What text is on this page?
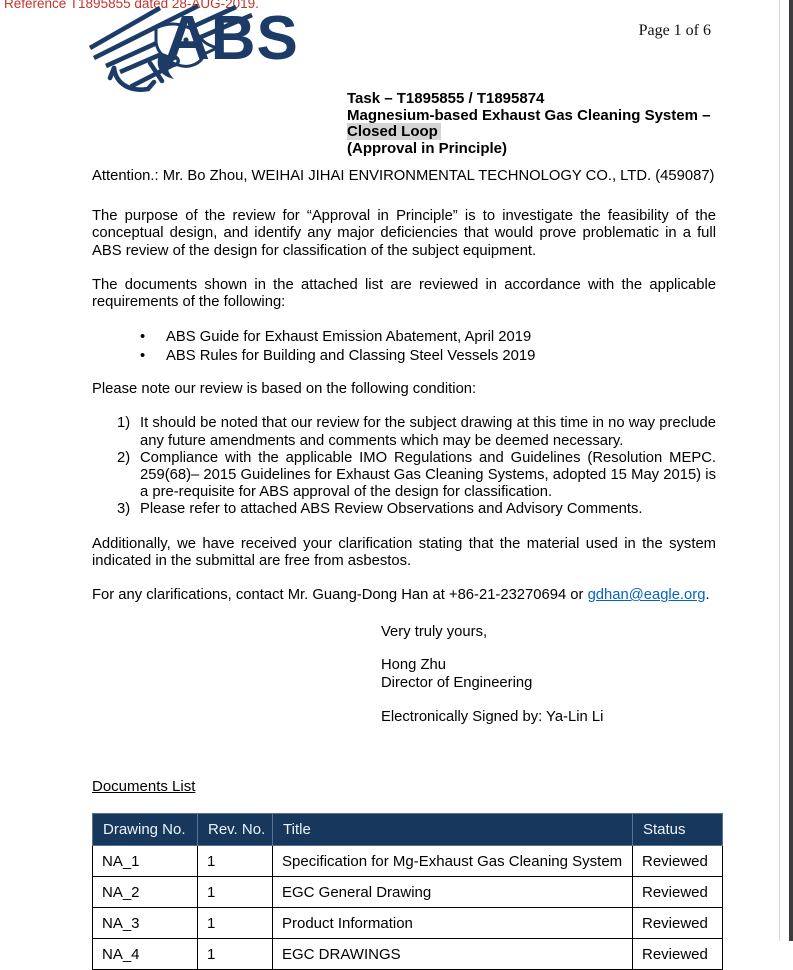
Reference T1895855 dated 28-AUG-2019.
ABS	Page 1 of 6
Task – T1895855 / T1895874
Magnesium-based Exhaust Gas Cleaning System –
Closed Loop
(Approval in Principle)
Attention.: Mr. Bo Zhou, WEIHAI JIHAI ENVIRONMENTAL TECHNOLOGY CO., LTD. (459087)

The purpose of the review for “Approval in Principle” is to investigate the feasibility of the conceptual design, and identify any major deficiencies that would prove problematic in a full ABS review of the design for classification of the subject equipment.

The documents shown in the attached list are reviewed in accordance with the applicable requirements of the following:

•
ABS Guide for Exhaust Emission Abatement, April 2019
•
ABS Rules for Building and Classing Steel Vessels 2019

Please note our review is based on the following condition:

1) It should be noted that our review for the subject drawing at this time in no way preclude any future amendments and comments which may be deemed necessary.
2) Compliance with the applicable IMO Regulations and Guidelines (Resolution MEPC. 259(68)– 2015 Guidelines for Exhaust Gas Cleaning Systems, adopted 15 May 2015) is a pre-requisite for ABS approval of the design for classification.
3) Please refer to attached ABS Review Observations and Advisory Comments.

Additionally, we have received your clarification stating that the material used in the system indicated in the submittal are free from asbestos.

For any clarifications, contact Mr. Guang-Dong Han at +86-21-23270694 or gdhan@eagle.org.
Very truly yours,
Hong Zhu
Director of Engineering
Electronically Signed by: Ya-Lin Li
Documents List
Drawing No.	Rev. No.	Title	Status
NA_1	1	Specification for Mg-Exhaust Gas Cleaning System	Reviewed
NA_2	1	EGC General Drawing	Reviewed
NA_3	1	Product Information	Reviewed
NA_4	1	EGC DRAWINGS	Reviewed
